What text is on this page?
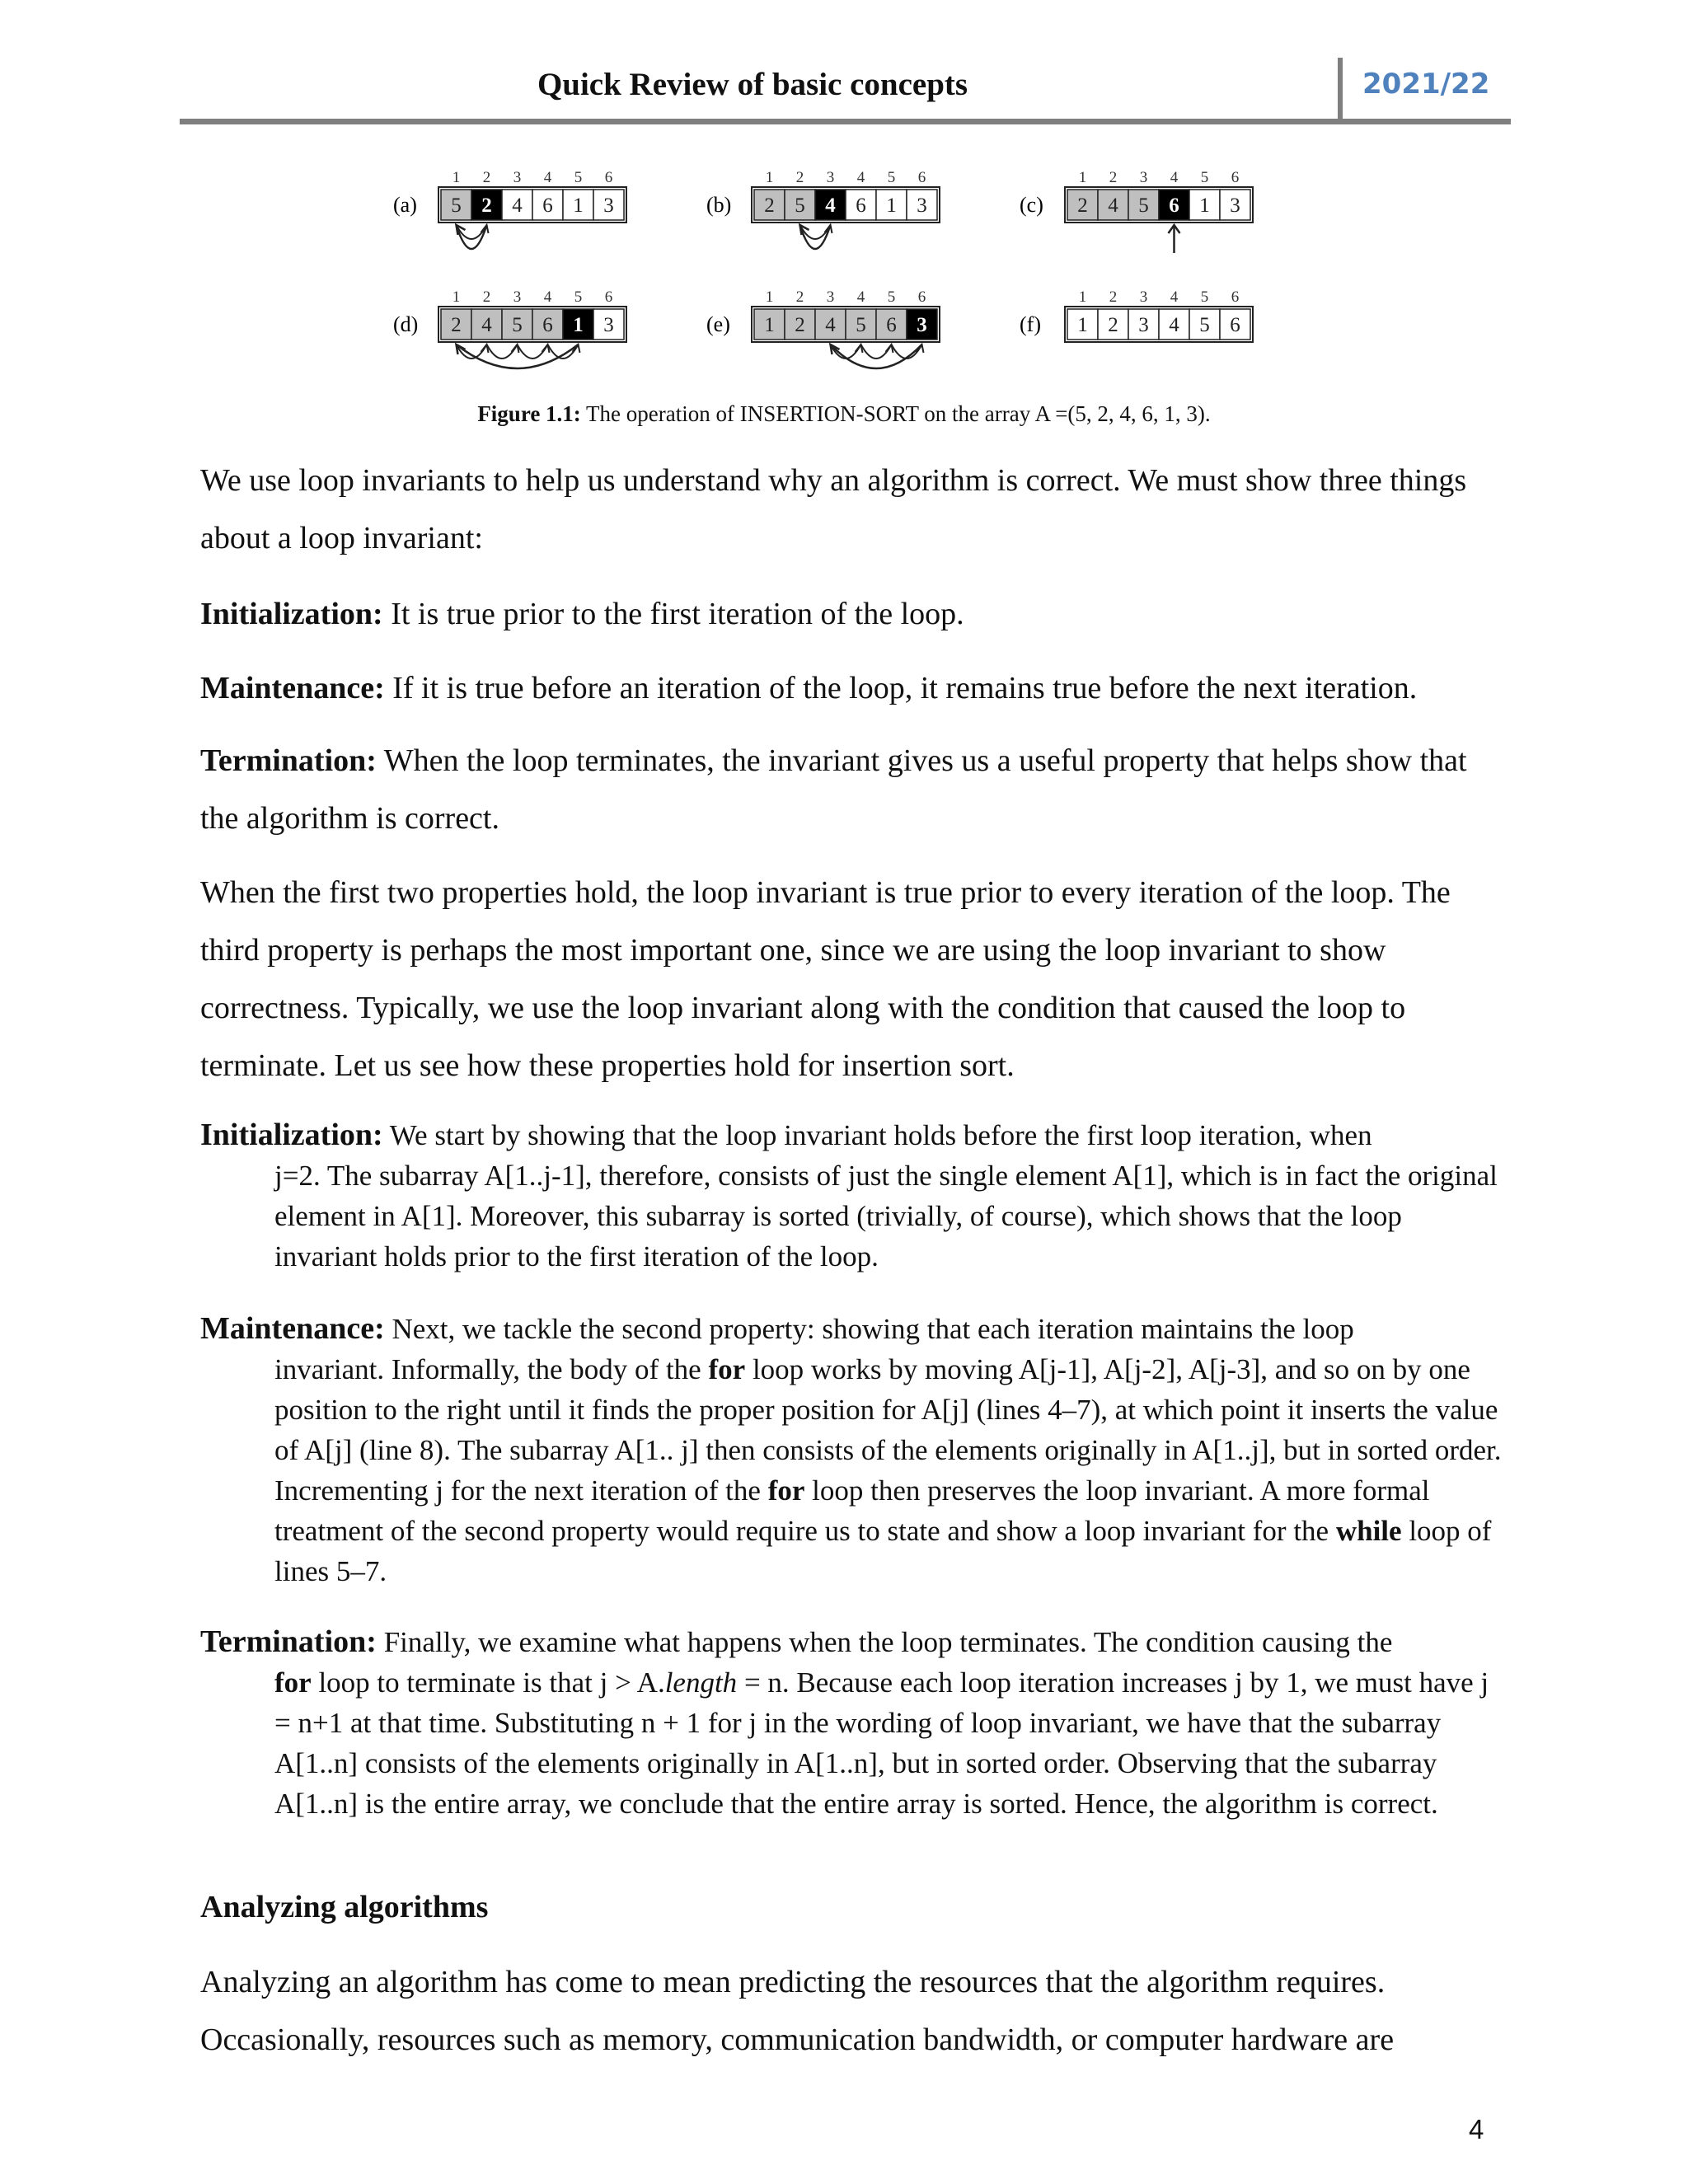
Quick Review of basic concepts	2021/22
(a) 5
1
2
2
4
3
6
4
1
5
3
6
(b) 2
1
5
2
4
3
6
4
1
5
3
6
(c) 2
1
4
2
5
3
6
4
1
5
3
6
(d) 2
1
4
2
5
3
6
4
1
5
3
6
(e) 1
1
2
2
4
3
5
4
6
5
3
6
(f) 1
1
2
2
3
3
4
4
5
5
6
6
Figure 1.1: The operation of INSERTION-SORT on the array A =(5, 2, 4, 6, 1, 3).
We use loop invariants to help us understand why an algorithm is correct. We must show three things about a loop invariant:
Initialization: It is true prior to the first iteration of the loop.
Maintenance: If it is true before an iteration of the loop, it remains true before the next iteration.
Termination: When the loop terminates, the invariant gives us a useful property that helps show that the algorithm is correct.
When the first two properties hold, the loop invariant is true prior to every iteration of the loop. The third property is perhaps the most important one, since we are using the loop invariant to show correctness. Typically, we use the loop invariant along with the condition that caused the loop to terminate. Let us see how these properties hold for insertion sort.
Initialization: We start by showing that the loop invariant holds before the first loop iteration, when
j=2. The subarray A[1..j-1], therefore, consists of just the single element A[1], which is in fact the original element in A[1]. Moreover, this subarray is sorted (trivially, of course), which shows that the loop invariant holds prior to the first iteration of the loop.
Maintenance: Next, we tackle the second property: showing that each iteration maintains the loop
invariant. Informally, the body of the for loop works by moving A[j-1], A[j-2], A[j-3], and so on by one position to the right until it finds the proper position for A[j] (lines 4–7), at which point it inserts the value of A[j] (line 8). The subarray A[1.. j] then consists of the elements originally in A[1..j], but in sorted order. Incrementing j for the next iteration of the for loop then preserves the loop invariant. A more formal treatment of the second property would require us to state and show a loop invariant for the while loop of lines 5–7.
Termination: Finally, we examine what happens when the loop terminates. The condition causing the
for loop to terminate is that j > A.length = n. Because each loop iteration increases j by 1, we must have j = n+1 at that time. Substituting n + 1 for j in the wording of loop invariant, we have that the subarray A[1..n] consists of the elements originally in A[1..n], but in sorted order. Observing that the subarray A[1..n] is the entire array, we conclude that the entire array is sorted. Hence, the algorithm is correct.
Analyzing algorithms
Analyzing an algorithm has come to mean predicting the resources that the algorithm requires. Occasionally, resources such as memory, communication bandwidth, or computer hardware are
4
